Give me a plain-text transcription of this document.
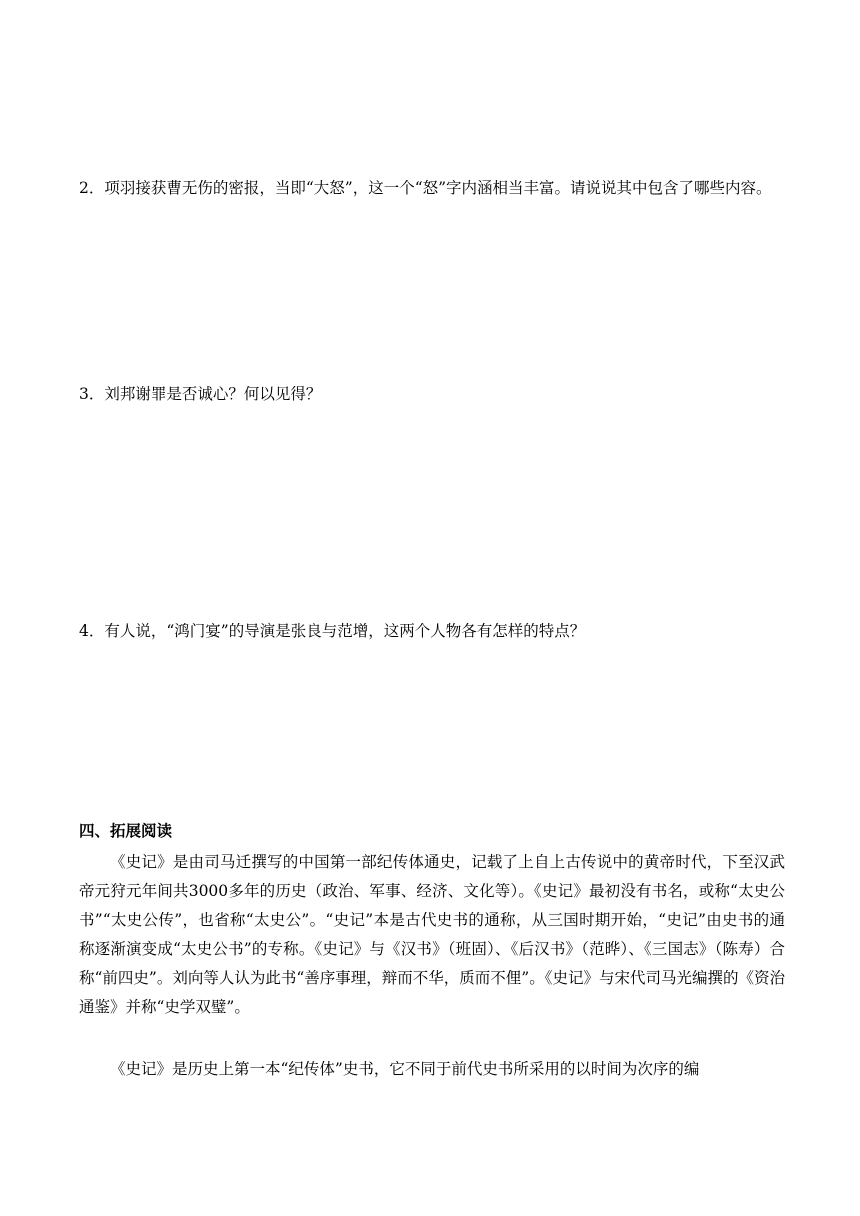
2．项羽接获曹无伤的密报，当即“大怒”，这一个“怒”字内涵相当丰富。请说说其中包含了哪些内容。

3．刘邦谢罪是否诚心？何以见得？

4．有人说，“鸿门宴”的导演是张良与范增，这两个人物各有怎样的特点？

四、拓展阅读

《史记》是由司马迁撰写的中国第一部纪传体通史，记载了上自上古传说中的黄帝时代，下至汉武帝元狩元年间共3000多年的历史（政治、军事、经济、文化等）。《史记》最初没有书名，或称“太史公书”“太史公传”，也省称“太史公”。“史记”本是古代史书的通称，从三国时期开始，“史记”由史书的通称逐渐演变成“太史公书”的专称。《史记》与《汉书》（班固）、《后汉书》（范晔）、《三国志》（陈寿）合称“前四史”。刘向等人认为此书“善序事理，辩而不华，质而不俚”。《史记》与宋代司马光编撰的《资治通鉴》并称“史学双璧”。

《史记》是历史上第一本“纪传体”史书，它不同于前代史书所采用的以时间为次序的编
